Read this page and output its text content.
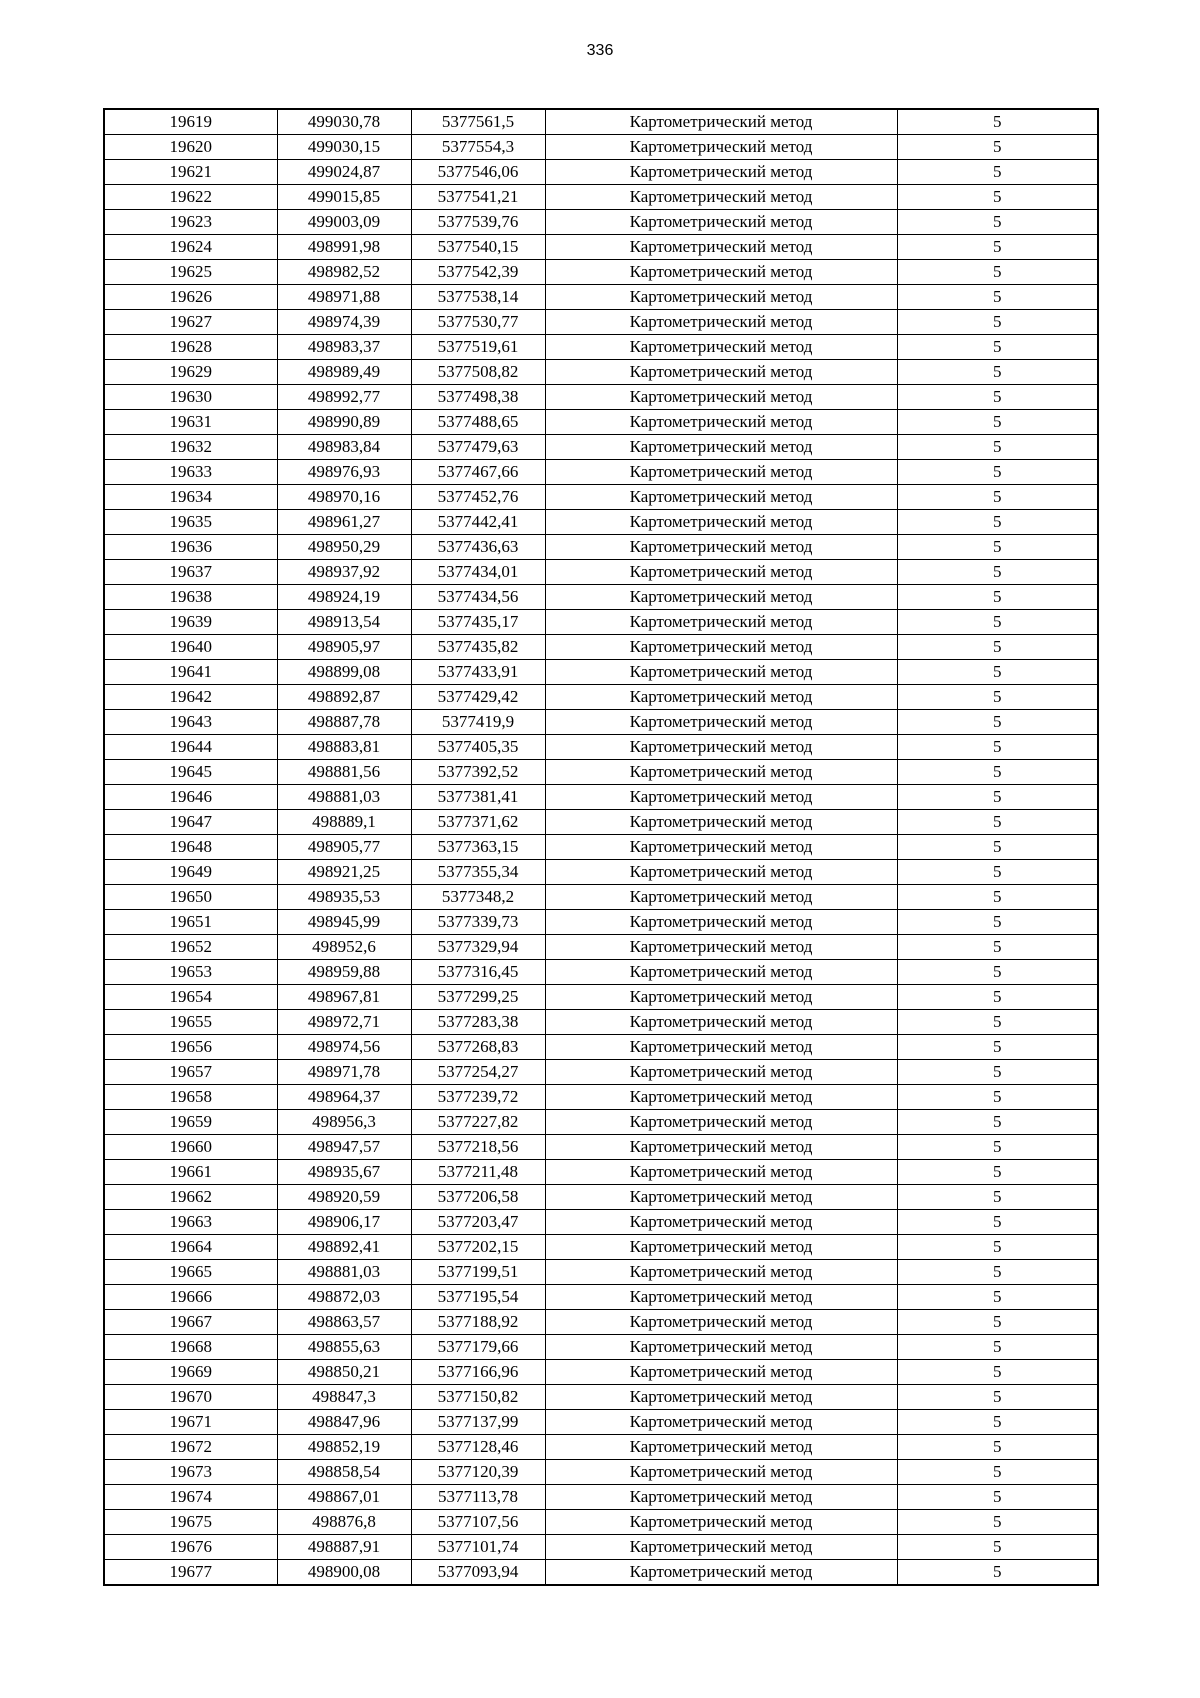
336
19619	499030,78	5377561,5	Картометрический метод	5
19620	499030,15	5377554,3	Картометрический метод	5
19621	499024,87	5377546,06	Картометрический метод	5
19622	499015,85	5377541,21	Картометрический метод	5
19623	499003,09	5377539,76	Картометрический метод	5
19624	498991,98	5377540,15	Картометрический метод	5
19625	498982,52	5377542,39	Картометрический метод	5
19626	498971,88	5377538,14	Картометрический метод	5
19627	498974,39	5377530,77	Картометрический метод	5
19628	498983,37	5377519,61	Картометрический метод	5
19629	498989,49	5377508,82	Картометрический метод	5
19630	498992,77	5377498,38	Картометрический метод	5
19631	498990,89	5377488,65	Картометрический метод	5
19632	498983,84	5377479,63	Картометрический метод	5
19633	498976,93	5377467,66	Картометрический метод	5
19634	498970,16	5377452,76	Картометрический метод	5
19635	498961,27	5377442,41	Картометрический метод	5
19636	498950,29	5377436,63	Картометрический метод	5
19637	498937,92	5377434,01	Картометрический метод	5
19638	498924,19	5377434,56	Картометрический метод	5
19639	498913,54	5377435,17	Картометрический метод	5
19640	498905,97	5377435,82	Картометрический метод	5
19641	498899,08	5377433,91	Картометрический метод	5
19642	498892,87	5377429,42	Картометрический метод	5
19643	498887,78	5377419,9	Картометрический метод	5
19644	498883,81	5377405,35	Картометрический метод	5
19645	498881,56	5377392,52	Картометрический метод	5
19646	498881,03	5377381,41	Картометрический метод	5
19647	498889,1	5377371,62	Картометрический метод	5
19648	498905,77	5377363,15	Картометрический метод	5
19649	498921,25	5377355,34	Картометрический метод	5
19650	498935,53	5377348,2	Картометрический метод	5
19651	498945,99	5377339,73	Картометрический метод	5
19652	498952,6	5377329,94	Картометрический метод	5
19653	498959,88	5377316,45	Картометрический метод	5
19654	498967,81	5377299,25	Картометрический метод	5
19655	498972,71	5377283,38	Картометрический метод	5
19656	498974,56	5377268,83	Картометрический метод	5
19657	498971,78	5377254,27	Картометрический метод	5
19658	498964,37	5377239,72	Картометрический метод	5
19659	498956,3	5377227,82	Картометрический метод	5
19660	498947,57	5377218,56	Картометрический метод	5
19661	498935,67	5377211,48	Картометрический метод	5
19662	498920,59	5377206,58	Картометрический метод	5
19663	498906,17	5377203,47	Картометрический метод	5
19664	498892,41	5377202,15	Картометрический метод	5
19665	498881,03	5377199,51	Картометрический метод	5
19666	498872,03	5377195,54	Картометрический метод	5
19667	498863,57	5377188,92	Картометрический метод	5
19668	498855,63	5377179,66	Картометрический метод	5
19669	498850,21	5377166,96	Картометрический метод	5
19670	498847,3	5377150,82	Картометрический метод	5
19671	498847,96	5377137,99	Картометрический метод	5
19672	498852,19	5377128,46	Картометрический метод	5
19673	498858,54	5377120,39	Картометрический метод	5
19674	498867,01	5377113,78	Картометрический метод	5
19675	498876,8	5377107,56	Картометрический метод	5
19676	498887,91	5377101,74	Картометрический метод	5
19677	498900,08	5377093,94	Картометрический метод	5
